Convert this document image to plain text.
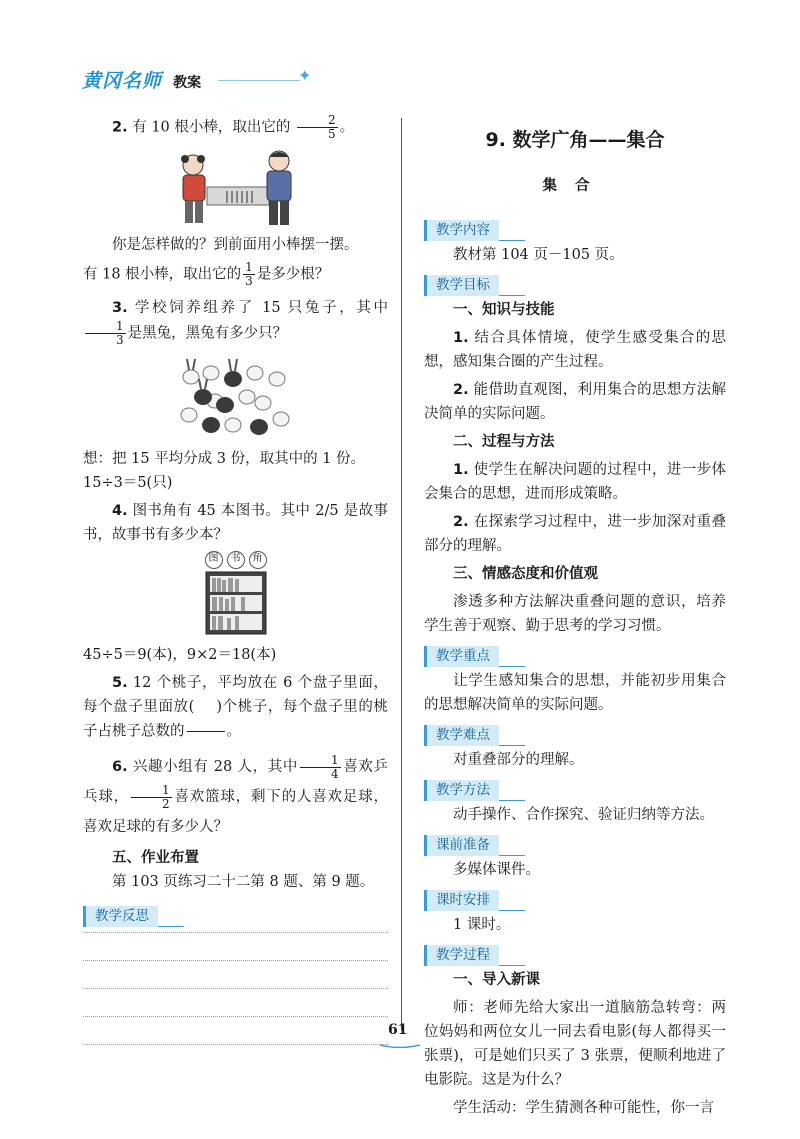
黄冈名师 教案	✦

2. 有 10 根小棒，取出它的 $\frac{2}{5}$ 。

你是怎样做的？到前面用小棒摆一摆。

有 18 根小棒，取出它的 $\frac{1}{3}$ 是多少根？

3. 学校饲养组养了 15 只兔子，其中
$\frac{1}{3}$ 是黑兔，黑兔有多少只？

想：把 15 平均分成 3 份，取其中的 1 份。

15÷3＝5(只)

4. 图书角有 45 本图书。其中 2/5 是故事书，故事书有多少本？

图	书	角

45÷5＝9(本)，9×2＝18(本)

5. 12 个桃子，平均放在 6 个盘子里面，每个盘子里面放( )个桃子，每个盘子里的桃子占桃子总数的	。

6. 兴趣小组有 28 人，其中 $\frac{1}{4}$ 喜欢乒乓球， $\frac{1}{2}$ 喜欢篮球，剩下的人喜欢足球，喜欢足球的有多少人？

五、作业布置

第 103 页练习二十二第 8 题、第 9 题。

教学反思
9. 数学广角——集合
集合
教学内容

教材第 104 页－105 页。

教学目标

一、知识与技能

1. 结合具体情境，使学生感受集合的思想，感知集合圈的产生过程。

2. 能借助直观图，利用集合的思想方法解决简单的实际问题。

二、过程与方法

1. 使学生在解决问题的过程中，进一步体会集合的思想，进而形成策略。

2. 在探索学习过程中，进一步加深对重叠部分的理解。

三、情感态度和价值观

渗透多种方法解决重叠问题的意识，培养学生善于观察、勤于思考的学习习惯。

教学重点

让学生感知集合的思想，并能初步用集合的思想解决简单的实际问题。

教学难点

对重叠部分的理解。

教学方法

动手操作、合作探究、验证归纳等方法。

课前准备

多媒体课件。

课时安排

1 课时。

教学过程

一、导入新课

师：老师先给大家出一道脑筋急转弯：两位妈妈和两位女儿一同去看电影(每人都得买一张票)，可是她们只买了 3 张票，便顺利地进了电影院。这是为什么？

学生活动：学生猜测各种可能性，你一言

61
